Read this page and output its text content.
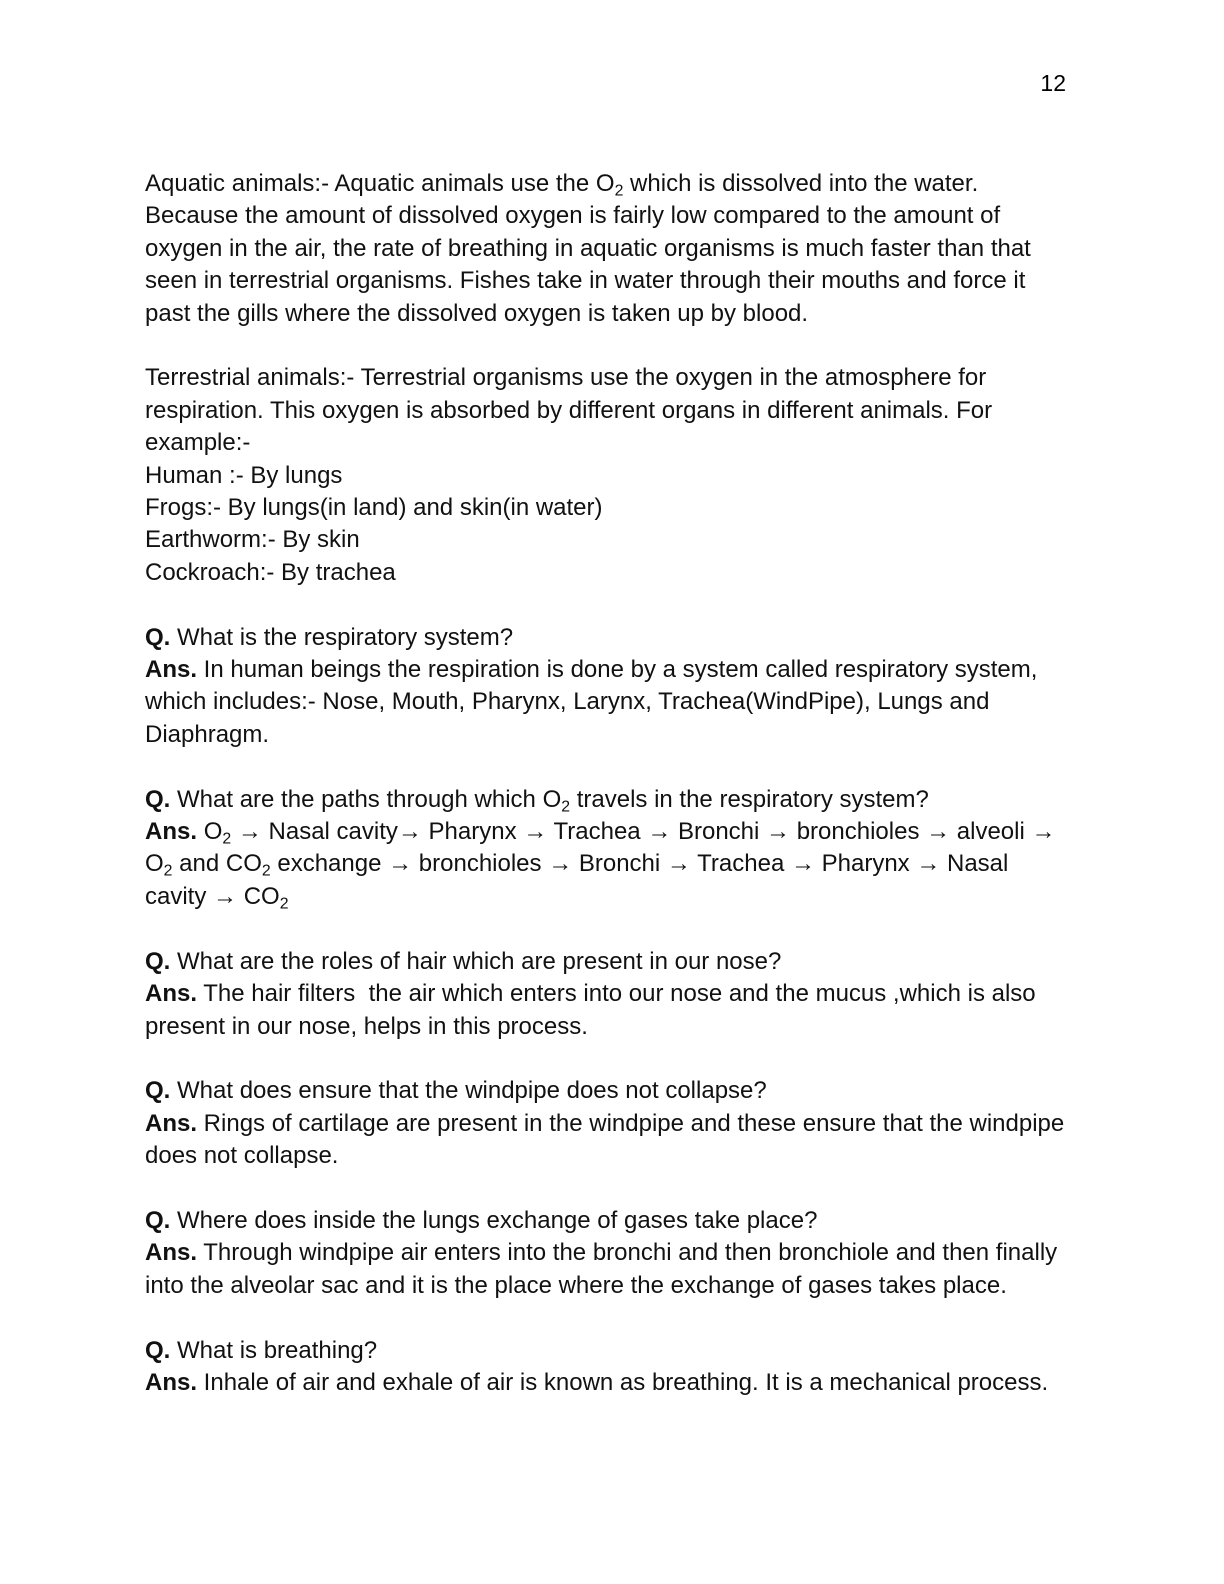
12

Aquatic animals:- Aquatic animals use the $O_2$ which is dissolved into the water. Because the amount of dissolved oxygen is fairly low compared to the amount of oxygen in the air, the rate of breathing in aquatic organisms is much faster than that seen in terrestrial organisms. Fishes take in water through their mouths and force it past the gills where the dissolved oxygen is taken up by blood.

Terrestrial animals:- Terrestrial organisms use the oxygen in the atmosphere for respiration. This oxygen is absorbed by different organs in different animals. For example:-

Human :- By lungs

Frogs:- By lungs(in land) and skin(in water)

Earthworm:- By skin

Cockroach:- By trachea

Q. What is the respiratory system?

Ans. In human beings the respiration is done by a system called respiratory system, which includes:- Nose, Mouth, Pharynx, Larynx, Trachea(WindPipe), Lungs and Diaphragm.

Q. What are the paths through which $O_2$ travels in the respiratory system?

Ans. $O_2$ → Nasal cavity→ Pharynx → Trachea → Bronchi → bronchioles → alveoli → $O_2$ and $CO_2$ exchange → bronchioles → Bronchi → Trachea → Pharynx → Nasal cavity → $CO_2$

Q. What are the roles of hair which are present in our nose?

Ans. The hair filters  the air which enters into our nose and the mucus ,which is also present in our nose, helps in this process.

Q. What does ensure that the windpipe does not collapse?

Ans. Rings of cartilage are present in the windpipe and these ensure that the windpipe does not collapse.

Q. Where does inside the lungs exchange of gases take place?

Ans. Through windpipe air enters into the bronchi and then bronchiole and then finally into the alveolar sac and it is the place where the exchange of gases takes place.

Q. What is breathing?

Ans. Inhale of air and exhale of air is known as breathing. It is a mechanical process.
